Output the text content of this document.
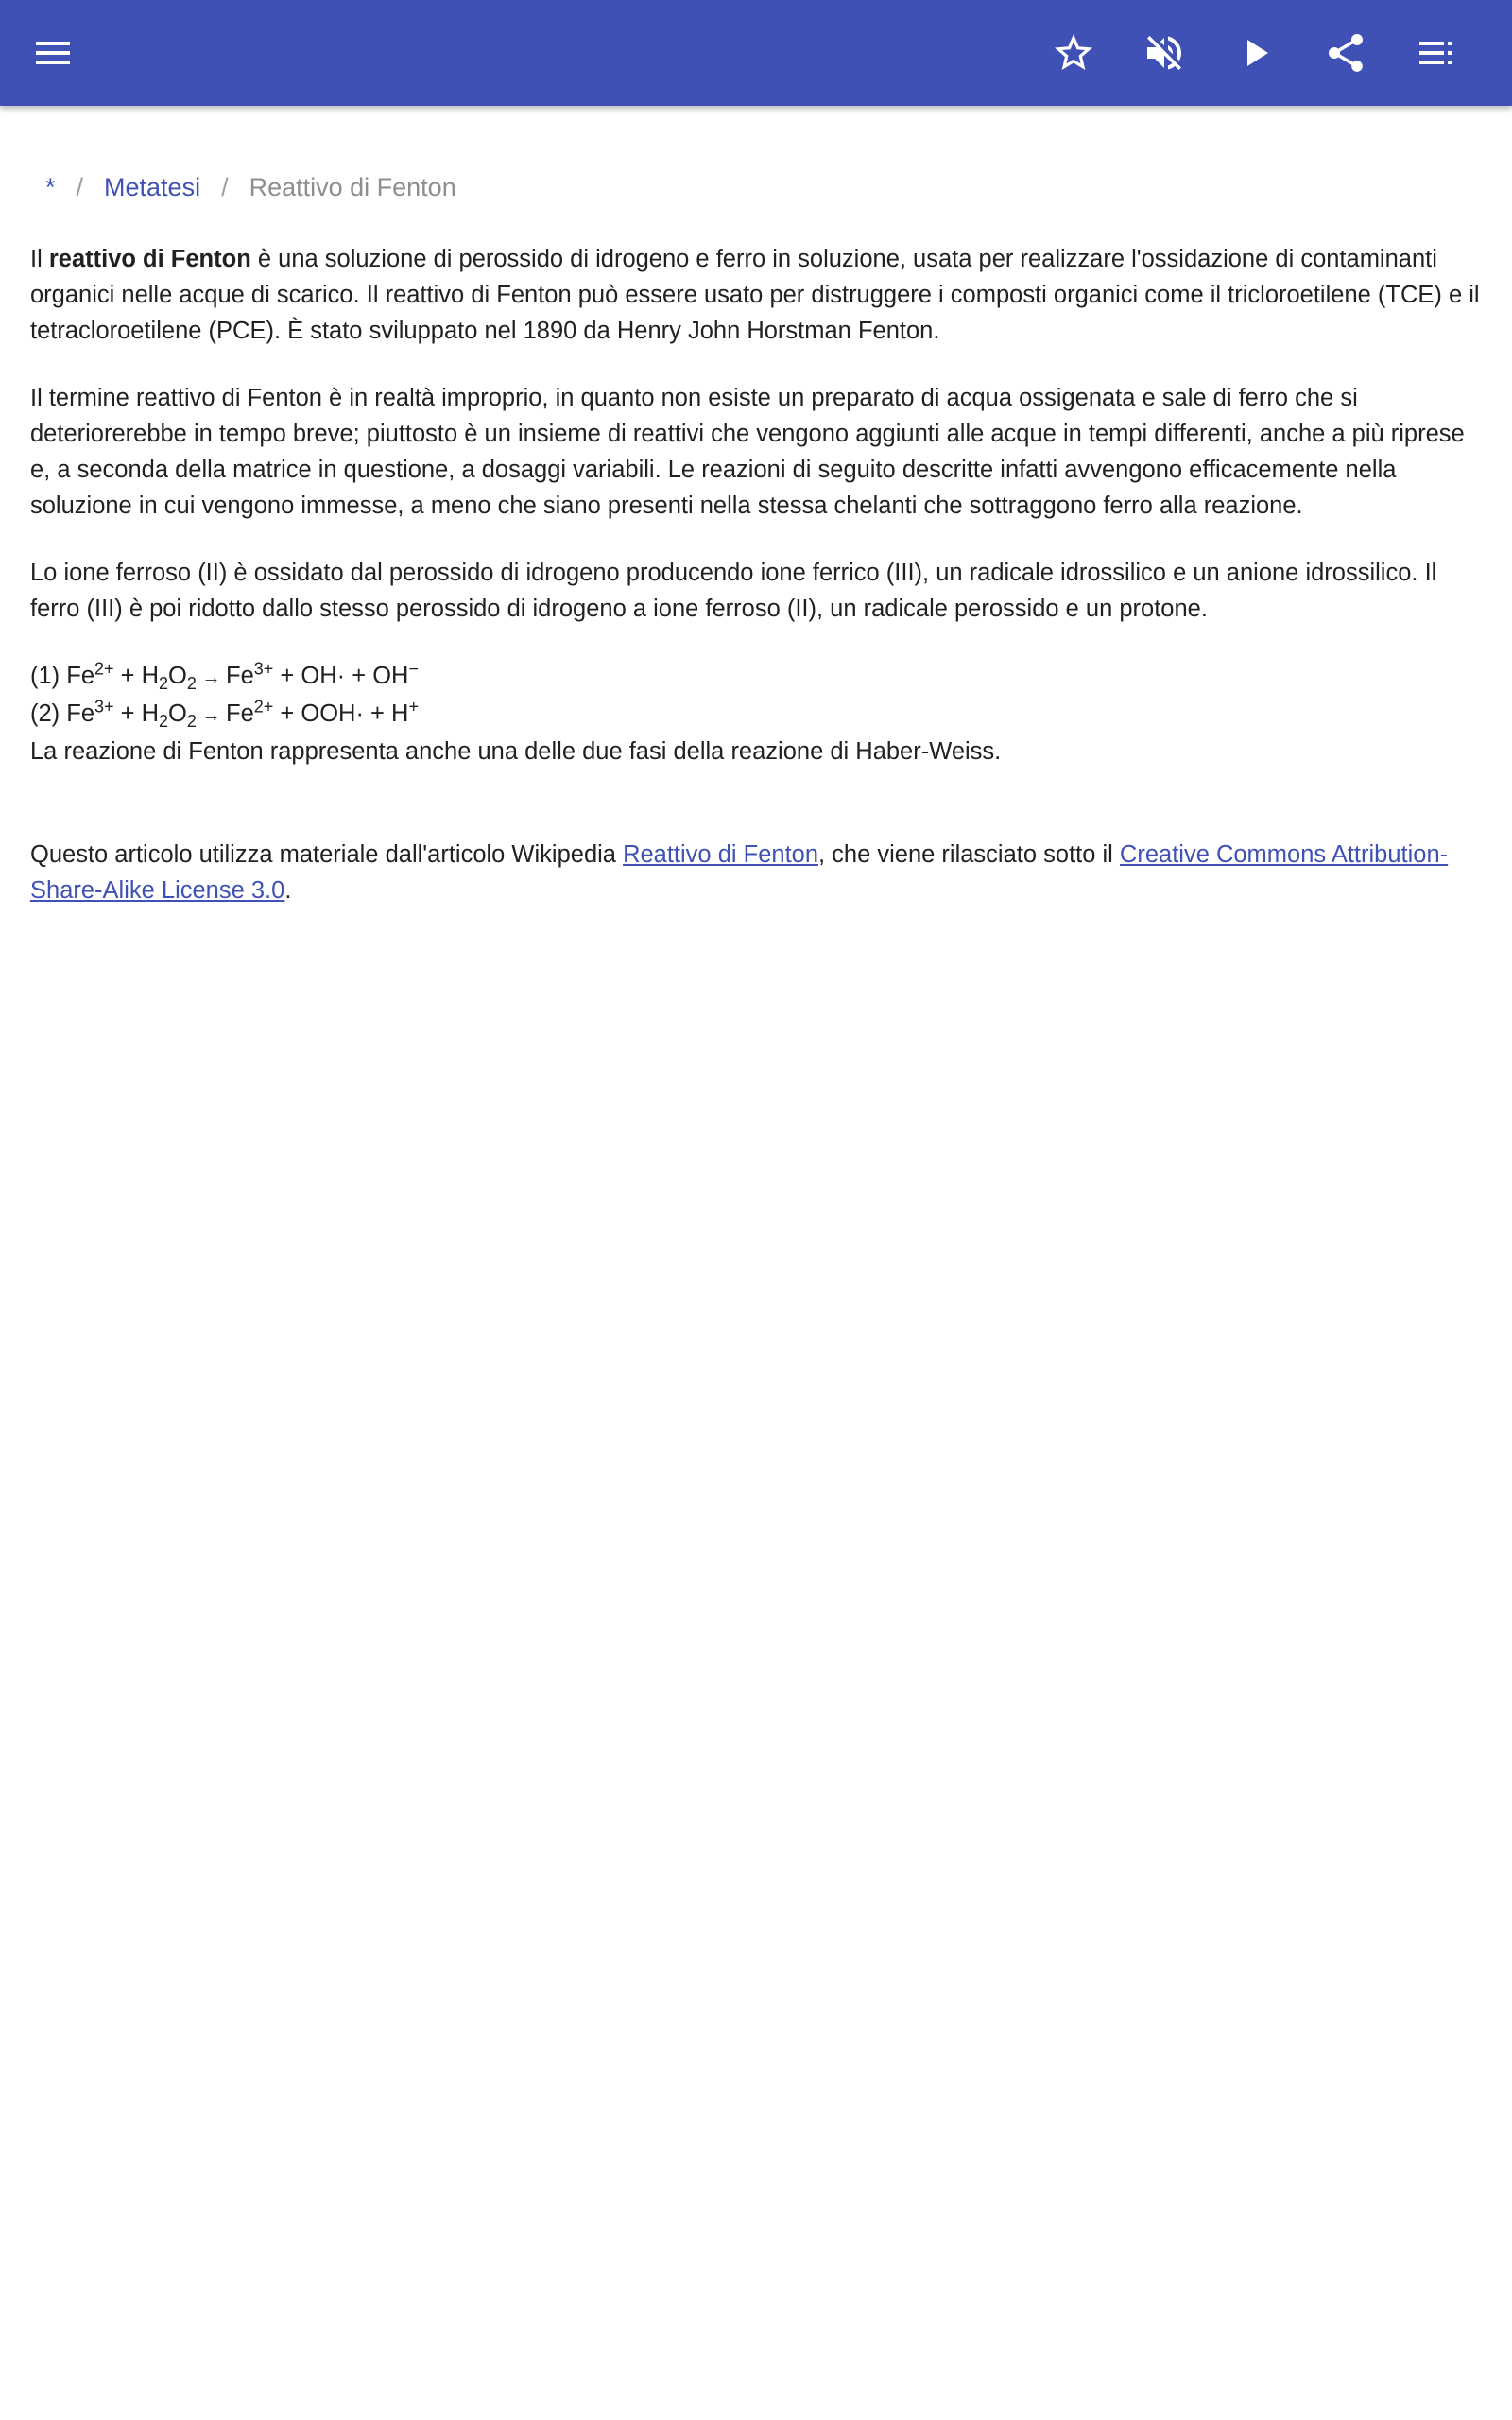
* / Metatesi / Reattivo di Fenton

Il reattivo di Fenton è una soluzione di perossido di idrogeno e ferro in soluzione, usata per realizzare l'ossidazione di contaminanti organici nelle acque di scarico. Il reattivo di Fenton può essere usato per distruggere i composti organici come il tricloroetilene (TCE) e il tetracloroetilene (PCE). È stato sviluppato nel 1890 da Henry John Horstman Fenton.

Il termine reattivo di Fenton è in realtà improprio, in quanto non esiste un preparato di acqua ossigenata e sale di ferro che si deteriorerebbe in tempo breve; piuttosto è un insieme di reattivi che vengono aggiunti alle acque in tempi differenti, anche a più riprese e, a seconda della matrice in questione, a dosaggi variabili. Le reazioni di seguito descritte infatti avvengono efficacemente nella soluzione in cui vengono immesse, a meno che siano presenti nella stessa chelanti che sottraggono ferro alla reazione.

Lo ione ferroso (II) è ossidato dal perossido di idrogeno producendo ione ferrico (III), un radicale idrossilico e un anione idrossilico. Il ferro (III) è poi ridotto dallo stesso perossido di idrogeno a ione ferroso (II), un radicale perossido e un protone.

(1) $Fe^{2+} + H_2O_2 \to Fe^{3+} + OH\cdot + OH^-$

(2) $Fe^{3+} + H_2O_2 \to Fe^{2+} + OOH\cdot + H^+$

La reazione di Fenton rappresenta anche una delle due fasi della reazione di Haber-Weiss.

Questo articolo utilizza materiale dall'articolo Wikipedia Reattivo di Fenton, che viene rilasciato sotto il Creative Commons Attribution-Share-Alike License 3.0.
